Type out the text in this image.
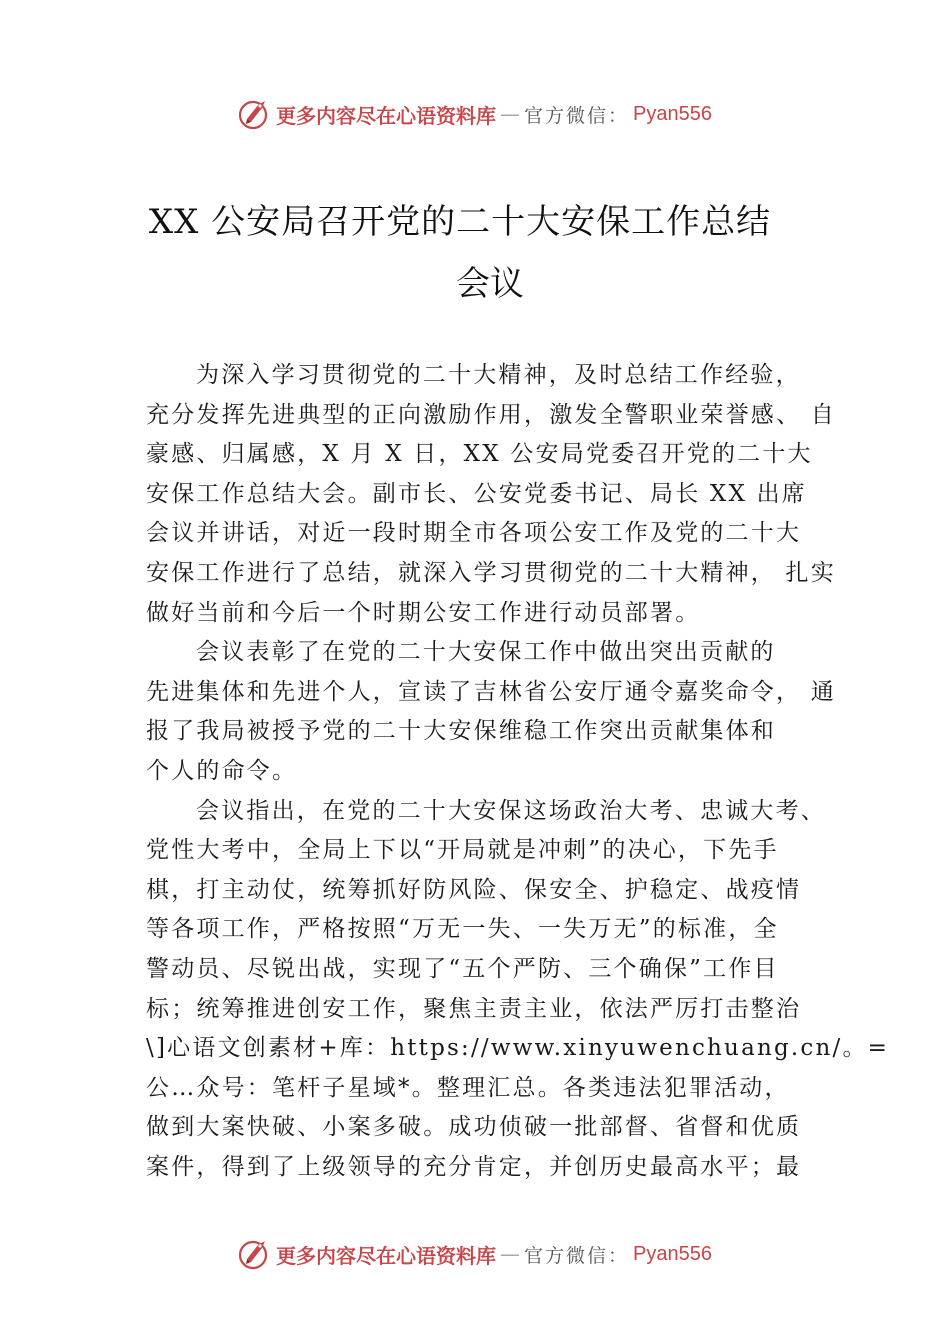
更多内容尽在心语资料库 — 官方微信： Pyan556
XX 公安局召开党的二十大安保工作总结
会议
为深入学习贯彻党的二十大精神，及时总结工作经验，
充分发挥先进典型的正向激励作用，激发全警职业荣誉感、 自
豪感、归属感，X 月 X 日，XX 公安局党委召开党的二十大
安保工作总结大会。副市长、公安党委书记、局长 XX 出席
会议并讲话，对近一段时期全市各项公安工作及党的二十大
安保工作进行了总结，就深入学习贯彻党的二十大精神， 扎实
做好当前和今后一个时期公安工作进行动员部署。
会议表彰了在党的二十大安保工作中做出突出贡献的
先进集体和先进个人，宣读了吉林省公安厅通令嘉奖命令， 通
报了我局被授予党的二十大安保维稳工作突出贡献集体和
个人的命令。
会议指出，在党的二十大安保这场政治大考、忠诚大考、
党性大考中，全局上下以“开局就是冲刺”的决心，下先手
棋，打主动仗，统筹抓好防风险、保安全、护稳定、战疫情
等各项工作，严格按照“万无一失、一失万无”的标准，全
警动员、尽锐出战，实现了“五个严防、三个确保”工作目
标；统筹推进创安工作，聚焦主责主业，依法严厉打击整治
\]心语文创素材+库：https://www.xinyuwenchuang.cn/。=
公…众号：笔杆子星域*。整理汇总。各类违法犯罪活动，
做到大案快破、小案多破。成功侦破一批部督、省督和优质
案件，得到了上级领导的充分肯定，并创历史最高水平；最
更多内容尽在心语资料库 — 官方微信： Pyan556
